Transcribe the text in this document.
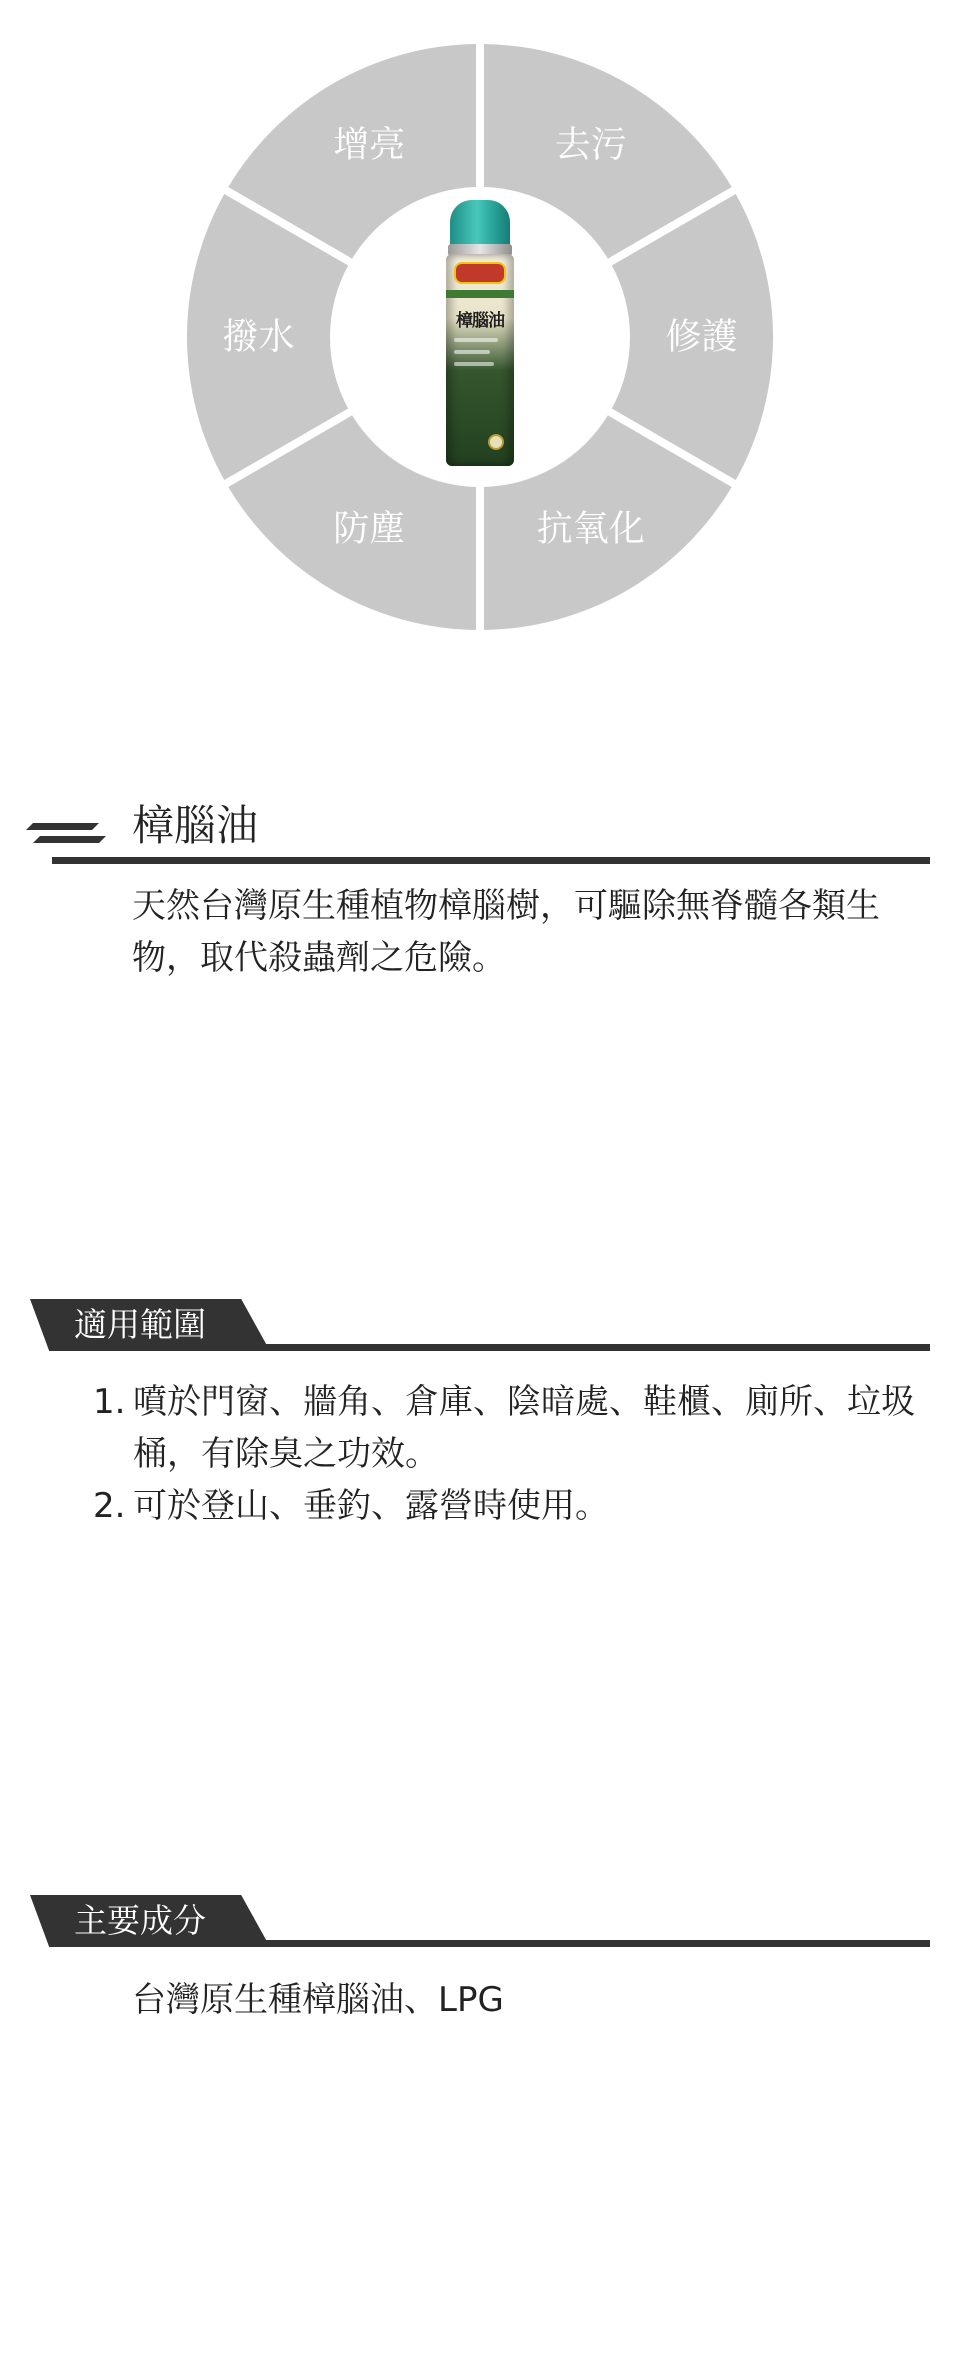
增亮	去污
修護
抗氧化
防塵
撥水	樟腦油
樟腦油
天然台灣原生種植物樟腦樹，可驅除無脊髓各類生物，取代殺蟲劑之危險。
適用範圍
1. 噴於門窗、牆角、倉庫、陰暗處、鞋櫃、廁所、垃圾桶，有除臭之功效。
2. 可於登山、垂釣、露營時使用。
主要成分
台灣原生種樟腦油、LPG
